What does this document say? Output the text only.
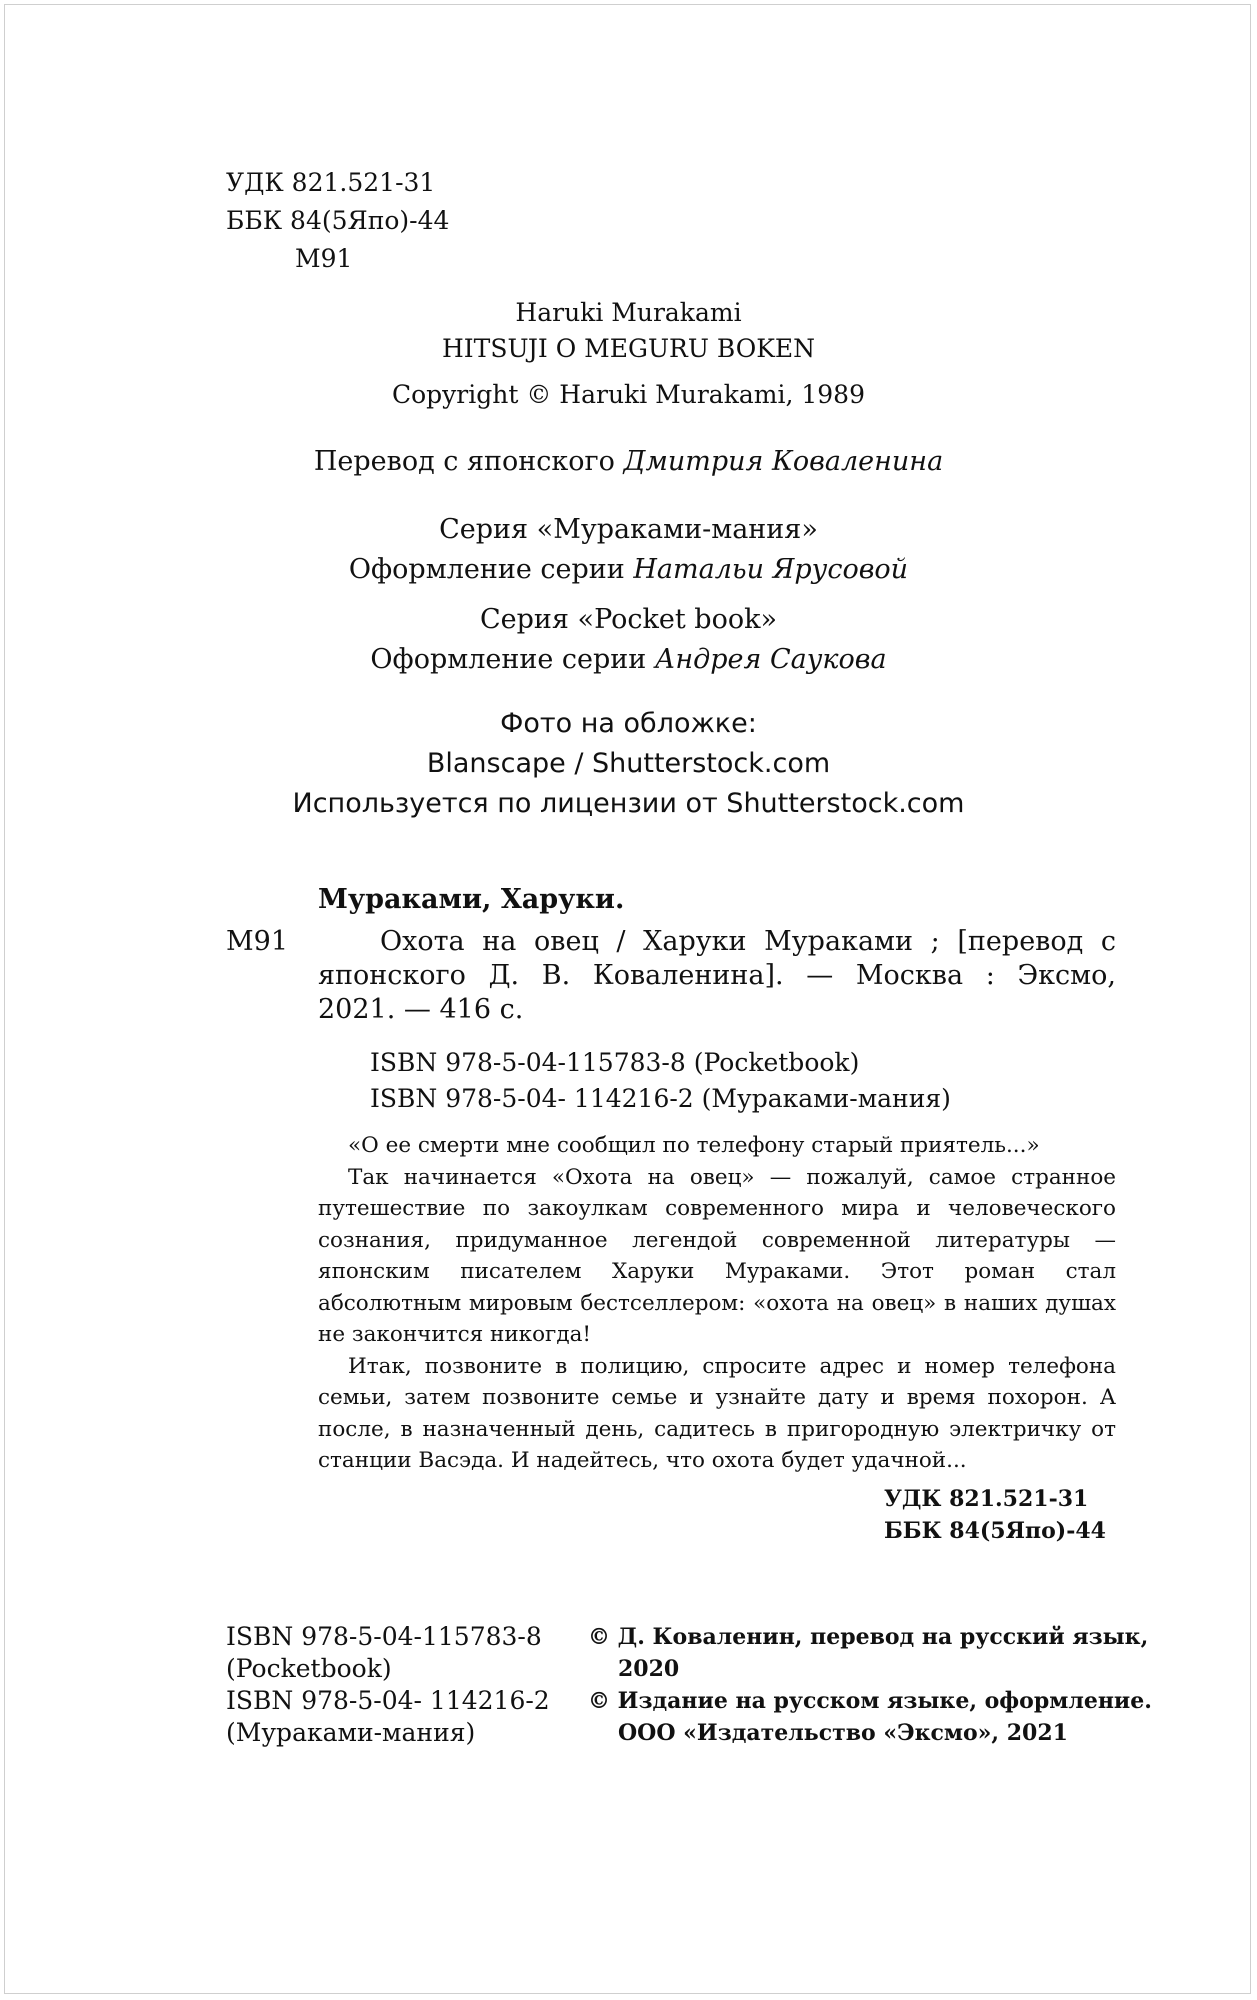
УДК 821.521-31
ББК 84(5Япо)-44
М91
Haruki Murakami
HITSUJI O MEGURU BOKEN
Copyright © Haruki Murakami, 1989
Перевод с японского Дмитрия Коваленина
Серия «Мураками-мания»
Оформление серии Натальи Ярусовой
Серия «Pocket book»
Оформление серии Андрея Саукова
Фото на обложке:
Blanscape / Shutterstock.com
Используется по лицензии от Shutterstock.com
Мураками, Харуки.
М91	Охота на овец / Харуки Мураками ; [перевод с
японского Д. В. Коваленина]. — Москва : Эксмо,
2021. — 416 с.
ISBN 978-5-04-115783-8 (Pocketbook)
ISBN 978-5-04- 114216-2 (Мураками-мания)

«О ее смерти мне сообщил по телефону старый приятель...»

Так начинается «Охота на овец» — пожалуй, самое странное путешествие по закоулкам современного мира и человеческого сознания, придуманное легендой современной литературы — японским писателем Харуки Мураками. Этот роман стал абсолютным мировым бестселлером: «охота на овец» в наших душах не закончится никогда!

Итак, позвоните в полицию, спросите адрес и номер телефона семьи, затем позвоните семье и узнайте дату и время похорон. А после, в назначенный день, садитесь в пригородную электричку от станции Васэда. И надейтесь, что охота будет удачной...

УДК 821.521-31
ББК 84(5Япо)-44
ISBN 978-5-04-115783-8
(Pocketbook)
ISBN 978-5-04- 114216-2
(Мураками-мания)
© Д. Коваленин, перевод на русский язык,
2020
© Издание на русском языке, оформление.
ООО «Издательство «Эксмо», 2021
